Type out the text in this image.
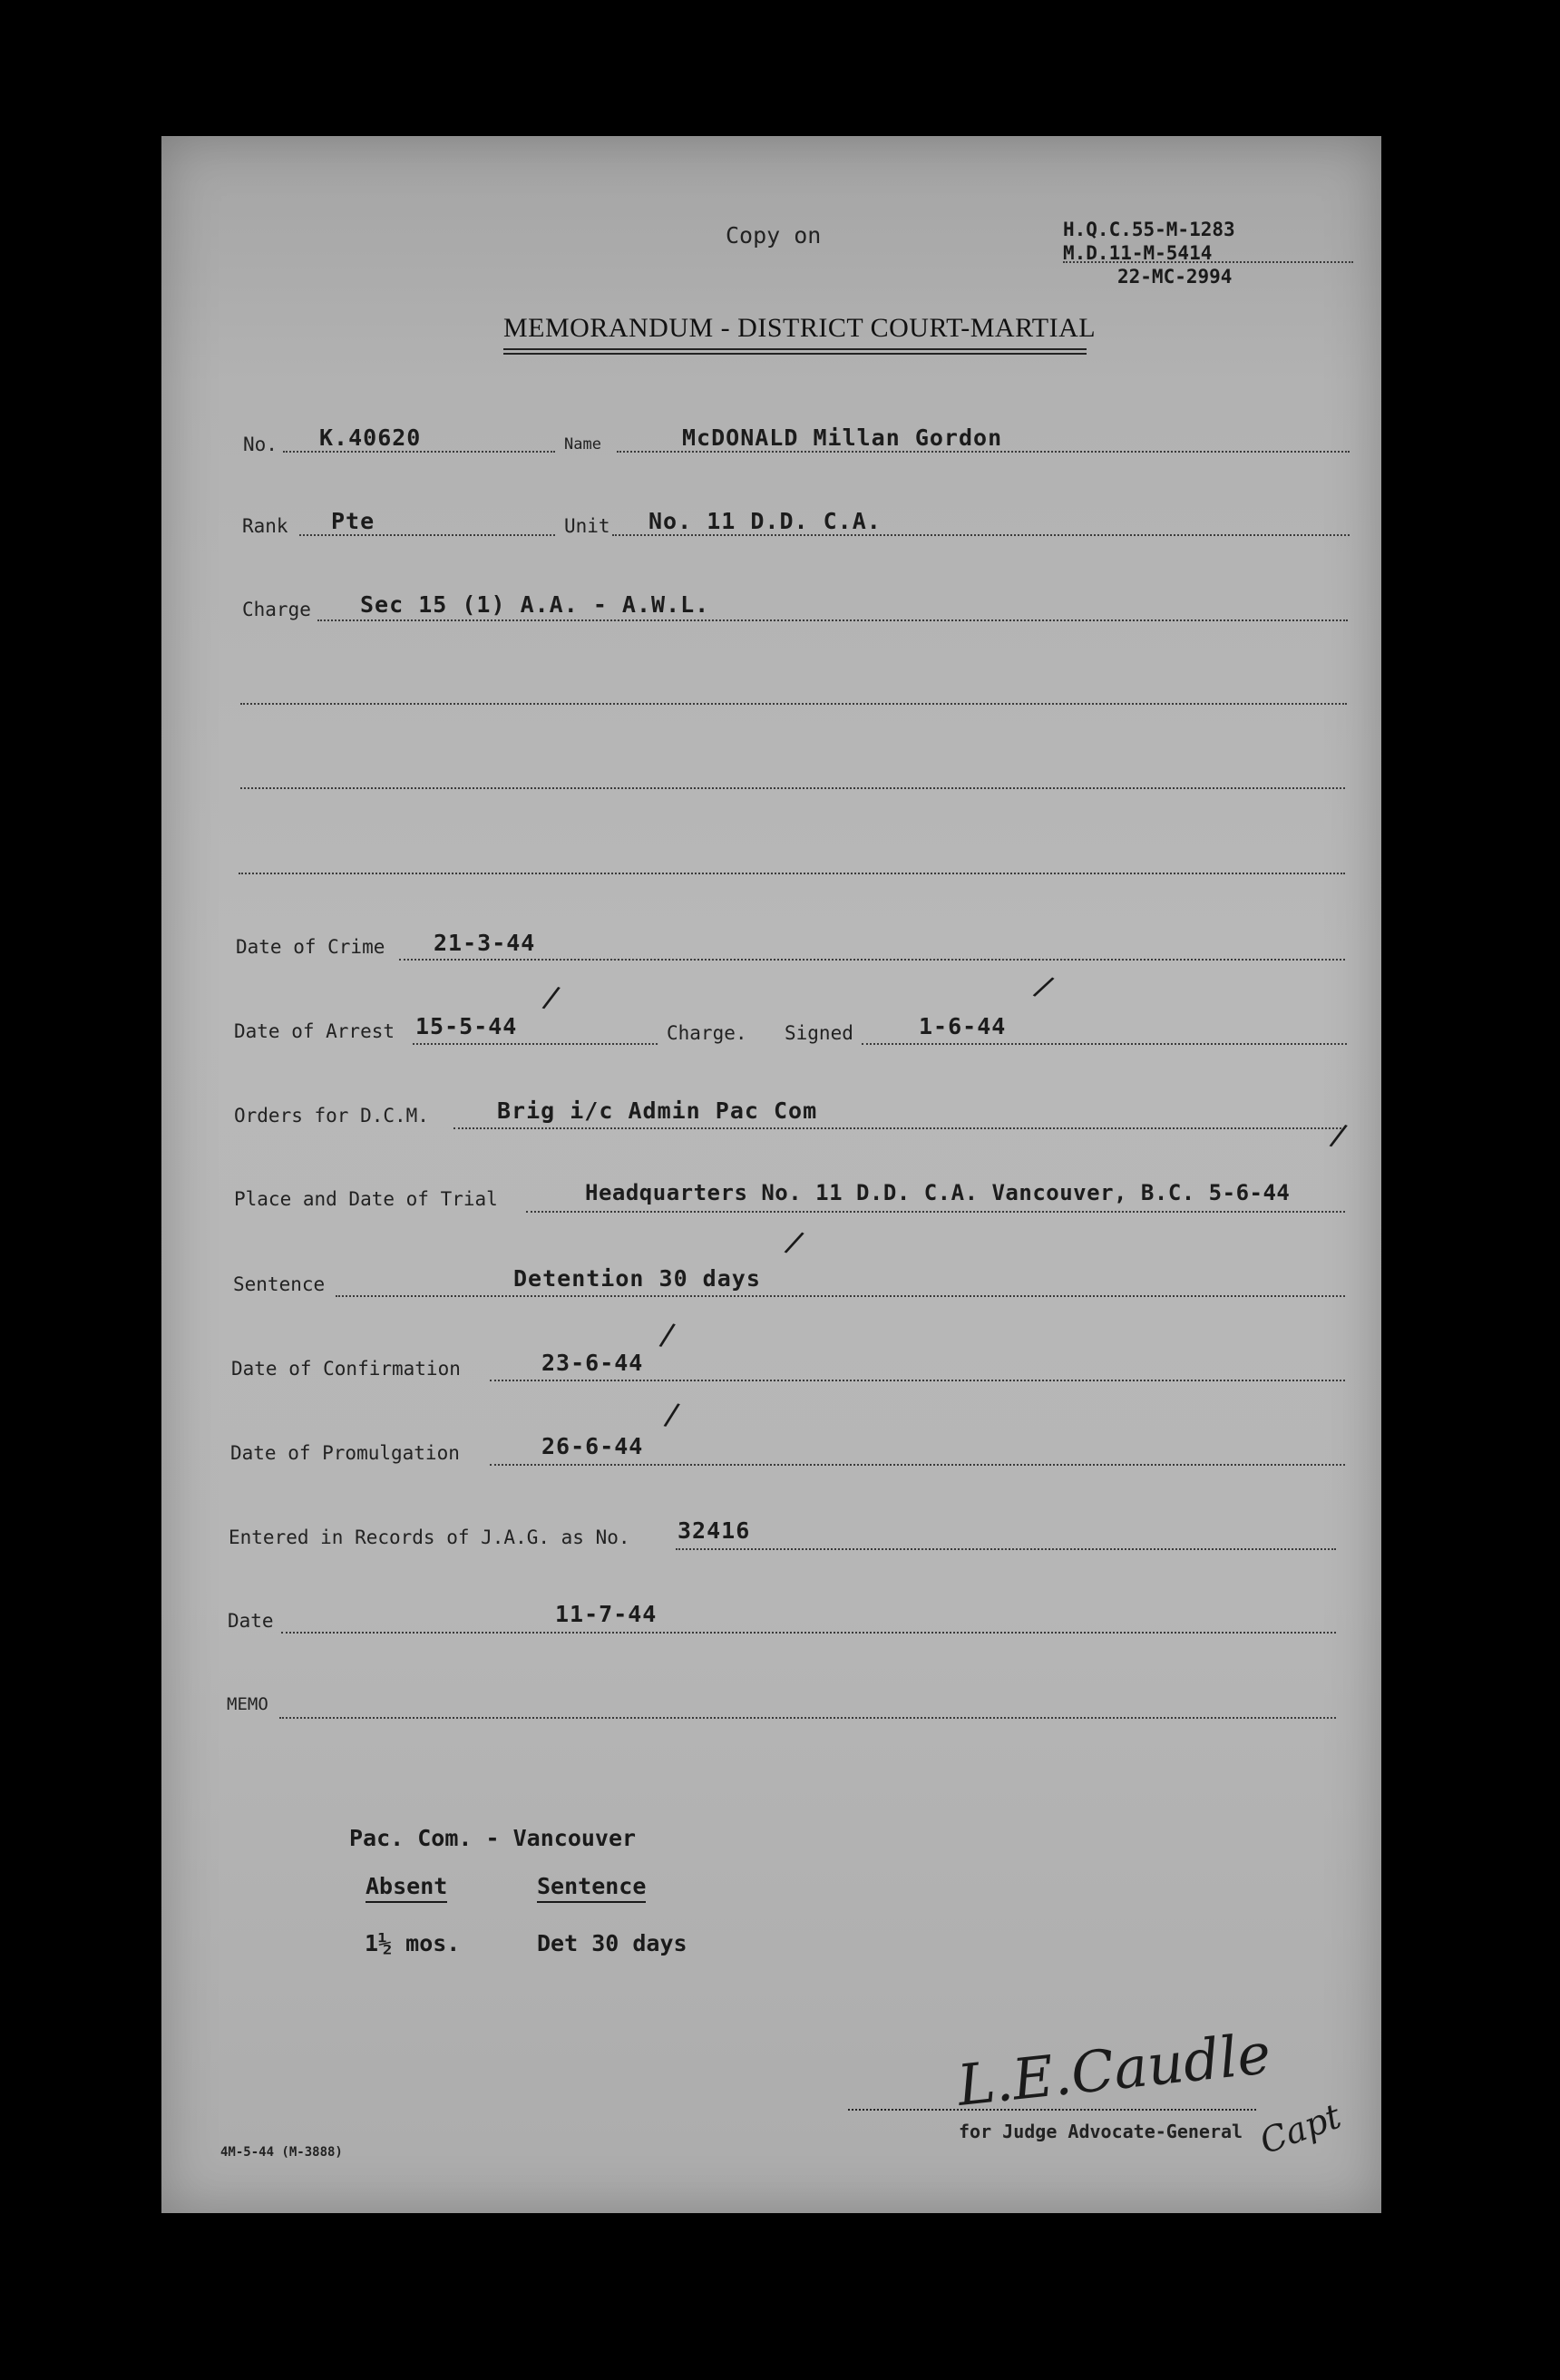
Copy on	H.Q.C.55-M-1283
M.D.11-M-5414
22-MC-2994
MEMORANDUM - DISTRICT COURT-MARTIAL
No. K.40620	Name	McDONALD Millan Gordon
Rank Pte	Unit No. 11 D.D. C.A.
Charge Sec 15 (1) A.A. - A.W.L.
Date of Crime 21-3-44
Date of Arrest 15-5-44
/
Charge. Signed	1-6-44
/
Orders for D.C.M.	Brig i/c Admin Pac Com
/
Place and Date of Trial	Headquarters No. 11 D.D. C.A. Vancouver, B.C. 5-6-44
Sentence	Detention 30 days
/
Date of Confirmation	23-6-44
/
Date of Promulgation	26-6-44
/
Entered in Records of J.A.G. as No. 32416
Date	11-7-44
MEMO
Pac. Com. - Vancouver
Absent	Sentence
1½ mos.	Det 30 days
L.E.Caudle
for Judge Advocate-General Capt
4M-5-44 (M-3888)
